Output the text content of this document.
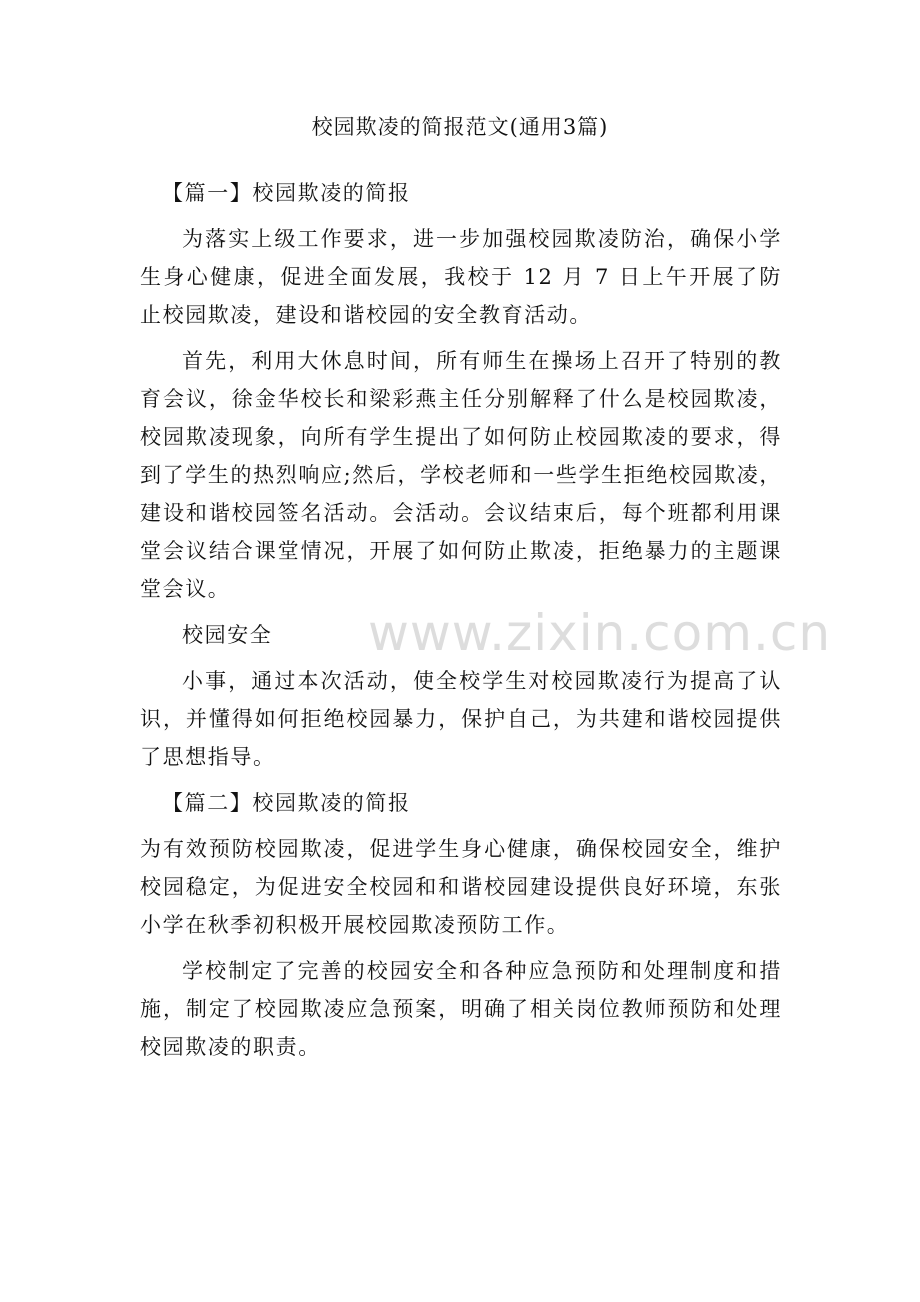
校园欺凌的简报范文(通用3篇)

【篇一】校园欺凌的简报

为落实上级工作要求，进一步加强校园欺凌防治，确保小学生身心健康，促进全面发展，我校于 12 月 7 日上午开展了防止校园欺凌，建设和谐校园的安全教育活动。

首先，利用大休息时间，所有师生在操场上召开了特别的教育会议，徐金华校长和梁彩燕主任分别解释了什么是校园欺凌，校园欺凌现象，向所有学生提出了如何防止校园欺凌的要求，得到了学生的热烈响应;然后，学校老师和一些学生拒绝校园欺凌，建设和谐校园签名活动。会活动。会议结束后，每个班都利用课堂会议结合课堂情况，开展了如何防止欺凌，拒绝暴力的主题课堂会议。

校园安全

小事，通过本次活动，使全校学生对校园欺凌行为提高了认识，并懂得如何拒绝校园暴力，保护自己，为共建和谐校园提供了思想指导。

【篇二】校园欺凌的简报

为有效预防校园欺凌，促进学生身心健康，确保校园安全，维护校园稳定，为促进安全校园和和谐校园建设提供良好环境，东张小学在秋季初积极开展校园欺凌预防工作。

学校制定了完善的校园安全和各种应急预防和处理制度和措施，制定了校园欺凌应急预案，明确了相关岗位教师预防和处理校园欺凌的职责。

www.zixin.com.cn
